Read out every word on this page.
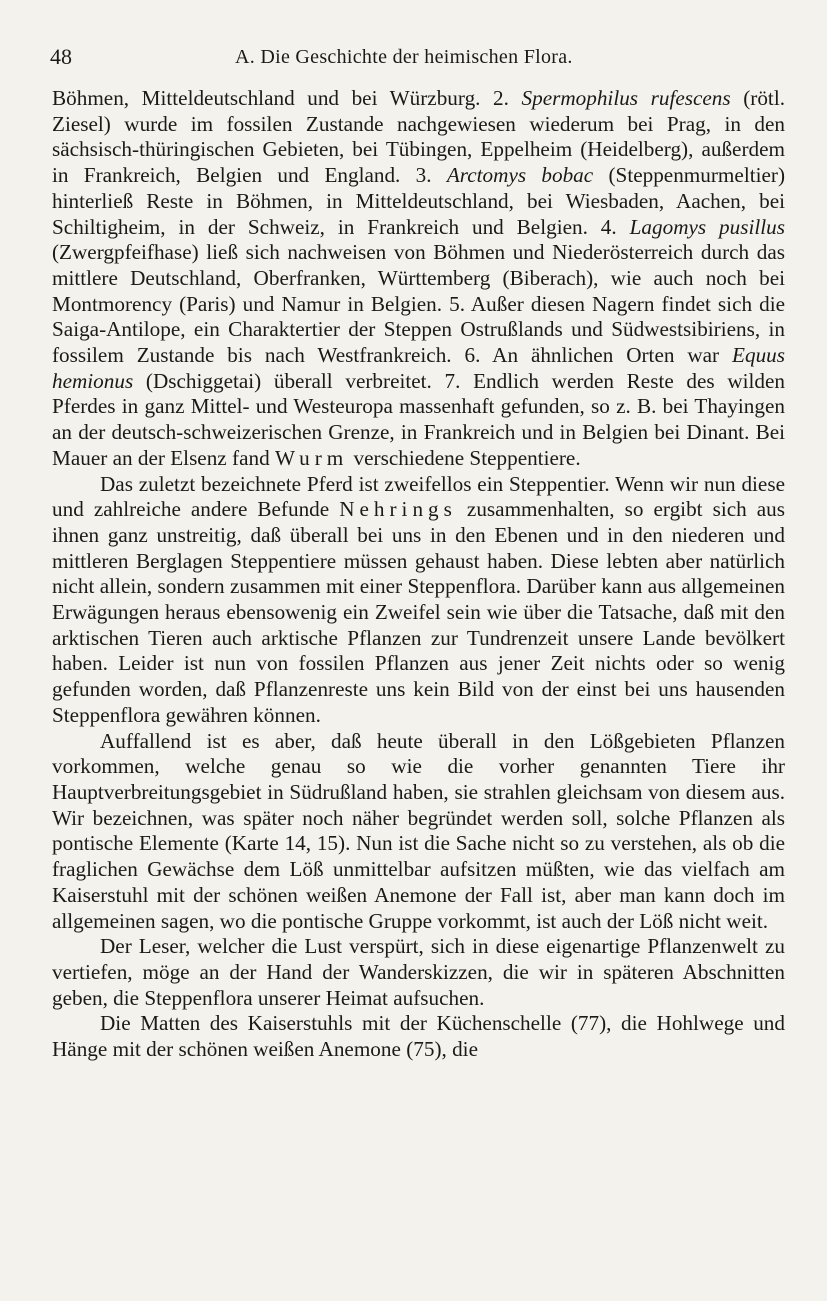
48	A. Die Geschichte der heimischen Flora.

Böhmen, Mitteldeutschland und bei Würzburg. 2. Spermophilus rufescens (rötl. Ziesel) wurde im fossilen Zustande nachgewiesen wiederum bei Prag, in den sächsisch-thüringischen Gebieten, bei Tübingen, Eppelheim (Heidelberg), außerdem in Frankreich, Belgien und England. 3. Arctomys bobac (Steppenmurmeltier) hinterließ Reste in Böhmen, in Mitteldeutschland, bei Wiesbaden, Aachen, bei Schiltigheim, in der Schweiz, in Frankreich und Belgien. 4. Lagomys pusillus (Zwergpfeifhase) ließ sich nachweisen von Böhmen und Niederösterreich durch das mittlere Deutschland, Oberfranken, Württemberg (Biberach), wie auch noch bei Montmorency (Paris) und Namur in Belgien. 5. Außer diesen Nagern findet sich die Saiga-Antilope, ein Charaktertier der Steppen Ostrußlands und Südwestsibiriens, in fossilem Zustande bis nach Westfrankreich. 6. An ähnlichen Orten war Equus hemionus (Dschiggetai) überall verbreitet. 7. Endlich werden Reste des wilden Pferdes in ganz Mittel- und Westeuropa massenhaft gefunden, so z. B. bei Thayingen an der deutsch-schweizerischen Grenze, in Frankreich und in Belgien bei Dinant. Bei Mauer an der Elsenz fand Wurm verschiedene Steppentiere.

Das zuletzt bezeichnete Pferd ist zweifellos ein Steppentier. Wenn wir nun diese und zahlreiche andere Befunde Nehrings zusammenhalten, so ergibt sich aus ihnen ganz unstreitig, daß überall bei uns in den Ebenen und in den niederen und mittleren Berglagen Steppentiere müssen gehaust haben. Diese lebten aber natürlich nicht allein, sondern zusammen mit einer Steppenflora. Darüber kann aus allgemeinen Erwägungen heraus ebensowenig ein Zweifel sein wie über die Tatsache, daß mit den arktischen Tieren auch arktische Pflanzen zur Tundrenzeit unsere Lande bevölkert haben. Leider ist nun von fossilen Pflanzen aus jener Zeit nichts oder so wenig gefunden worden, daß Pflanzenreste uns kein Bild von der einst bei uns hausenden Steppenflora gewähren können.

Auffallend ist es aber, daß heute überall in den Lößgebieten Pflanzen vorkommen, welche genau so wie die vorher genannten Tiere ihr Hauptverbreitungsgebiet in Südrußland haben, sie strahlen gleichsam von diesem aus. Wir bezeichnen, was später noch näher begründet werden soll, solche Pflanzen als pontische Elemente (Karte 14, 15). Nun ist die Sache nicht so zu verstehen, als ob die fraglichen Gewächse dem Löß unmittelbar aufsitzen müßten, wie das vielfach am Kaiserstuhl mit der schönen weißen Anemone der Fall ist, aber man kann doch im allgemeinen sagen, wo die pontische Gruppe vorkommt, ist auch der Löß nicht weit.

Der Leser, welcher die Lust verspürt, sich in diese eigenartige Pflanzenwelt zu vertiefen, möge an der Hand der Wanderskizzen, die wir in späteren Abschnitten geben, die Steppenflora unserer Heimat aufsuchen.

Die Matten des Kaiserstuhls mit der Küchenschelle (77), die Hohlwege und Hänge mit der schönen weißen Anemone (75), die
